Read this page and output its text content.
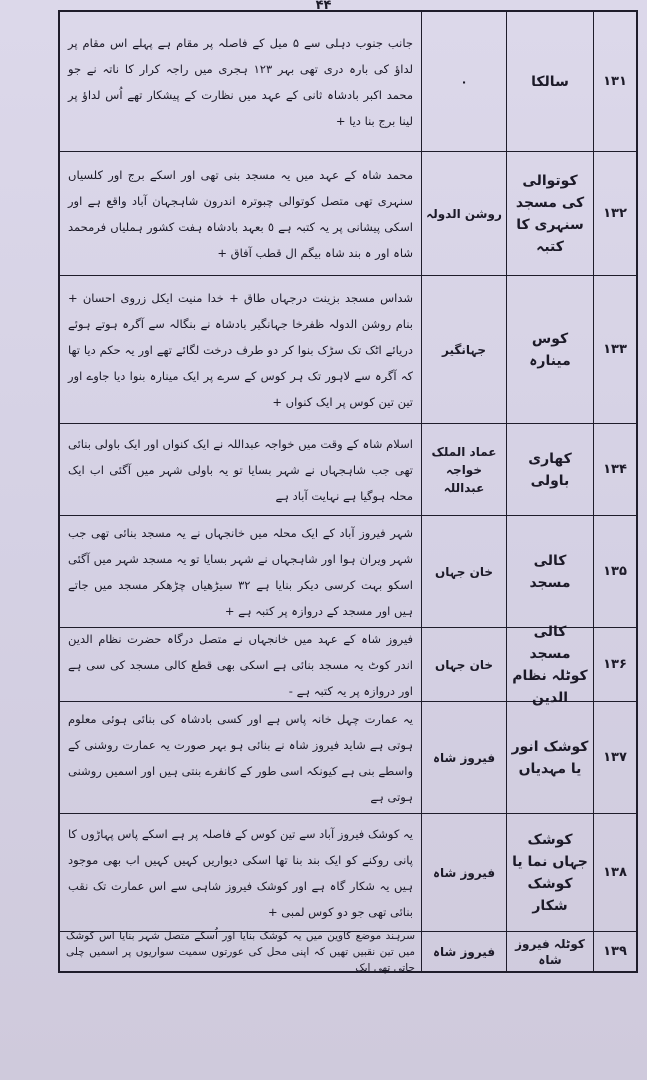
۴۴
۱۳۱
سالکا
۰
جانب جنوب دہلی سے ۵ میل کے فاصلہ پر مقام ہے پہلے اس مقام پر لداؤ کی بارہ دری تھی بہر ۱۲۳ ہجری میں راجہ کرار کا ناتہ نے جو محمد اکبر بادشاہ ثانی کے عہد میں نظارت کے پیشکار تھے اُس لداؤ پر لینا برج بنا دیا +
۱۳۲
کوتوالی کی مسجد سنہری کا کتبہ
روشن الدولہ
محمد شاہ کے عہد میں یہ مسجد بنی تھی اور اسکے برج اور کلسیاں سنہری تھی متصل کوتوالی چبوترہ اندرون شاہجہان آباد واقع ہے اور اسکی پیشانی پر یہ کتبہ ہے ٥ بعہد بادشاہ ہفت کشور ہملیاں فرمحمد شاہ اور ہ بند شاہ بیگم ال قطب آفاق +
۱۳۳
کوس مینارہ
جہانگیر
شداس مسجد بزینت درجہاں طاق + خدا منیت ایکل زروی احسان + بنام روشن الدولہ ظفرخا جہانگیر بادشاہ نے بنگالہ سے آگرہ ہوتے ہوئے دریائے اٹک تک سڑک بنوا کر دو طرف درخت لگائے تھے اور یہ حکم دیا تھا کہ آگرہ سے لاہور تک ہر کوس کے سرے پر ایک مینارہ بنوا دیا جاوے اور تین تین کوس پر ایک کنواں +
۱۳۴
کھاری باولی
عماد الملک خواجہ عبداللہ
اسلام شاہ کے وقت میں خواجہ عبداللہ نے ایک کنواں اور ایک باولی بنائی تھی جب شاہجہاں نے شہر بسایا تو یہ باولی شہر میں آگئی اب ایک محلہ ہوگیا ہے نہایت آباد ہے
۱۳۵
کالی مسجد
خان جہاں
شہر فیروز آباد کے ایک محلہ میں خانجہاں نے یہ مسجد بنائی تھی جب شہر ویران ہوا اور شاہجہاں نے شہر بسایا تو یہ مسجد شہر میں آگئی اسکو بہت کرسی دیکر بنایا ہے ۳۲ سیڑھیاں چڑھکر مسجد میں جاتے ہیں اور مسجد کے دروازہ پر کتبہ ہے +
۱۳۶
کالی مسجد کوٹلہ نظام الدین
خان جہاں
فیروز شاہ کے عہد میں خانجہاں نے متصل درگاہ حضرت نظام الدین اندر کوٹ یہ مسجد بنائی ہے اسکی بھی قطع کالی مسجد کی سی ہے اور دروازہ پر یہ کتبہ ہے -
۱۳۷
کوشک انور یا مہدیاں
فیروز شاہ
یہ عمارت چہل خانہ پاس ہے اور کسی بادشاہ کی بنائی ہوئی معلوم ہوتی ہے شاید فیروز شاہ نے بنائی ہو بہر صورت یہ عمارت روشنی کے واسطے بنی ہے کیونکہ اسی طور کے کانفرے بنتی ہیں اور اسمیں روشنی ہوتی ہے
۱۳۸
کوشک جہاں نما یا کوشک شکار
فیروز شاہ
یہ کوشک فیروز آباد سے تین کوس کے فاصلہ پر ہے اسکے پاس پہاڑوں کا پانی روکنے کو ایک بند بنا تھا اسکی دیواریں کہیں کہیں اب بھی موجود ہیں یہ شکار گاہ ہے اور کوشک فیروز شاہی سے اس عمارت تک نقب بنائی تھی جو دو کوس لمبی +
۱۳۹
کوٹلہ فیروز شاہ
فیروز شاہ
سرہند موضع کاوین میں یہ کوشک بنایا اور اُسکے متصل شہر بنایا اس کوشک میں تین نقبیں تھیں کہ اپنی محل کی عورتوں سمیت سواریوں پر اسمیں چلی جاتی تھی ایک
